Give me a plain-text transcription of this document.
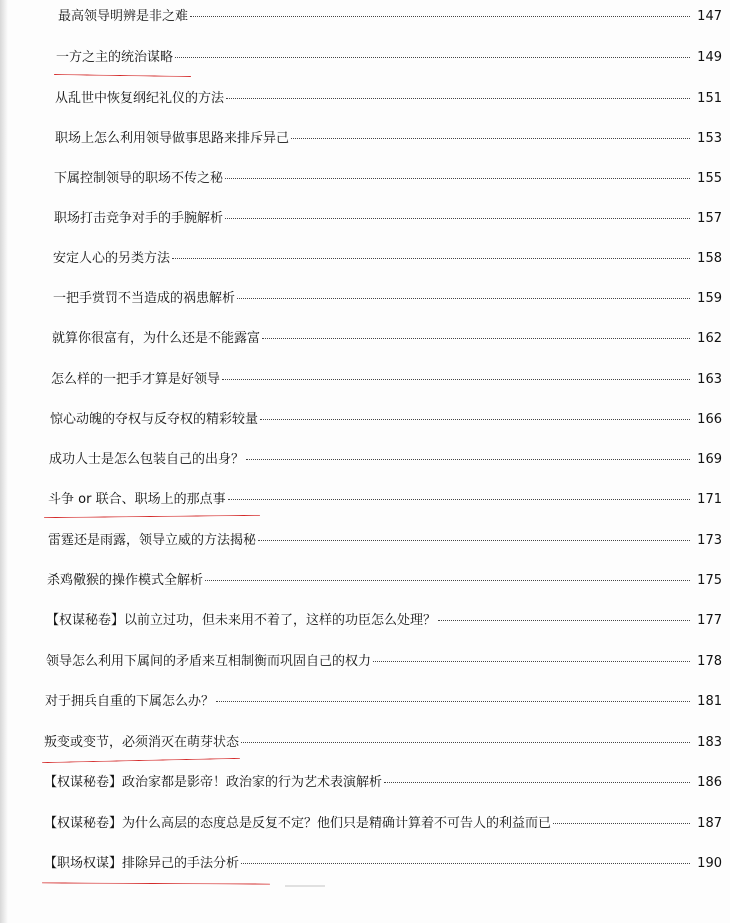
最高领导明辨是非之难	147
一方之主的统治谋略	149
从乱世中恢复纲纪礼仪的方法	151
职场上怎么利用领导做事思路来排斥异己	153
下属控制领导的职场不传之秘	155
职场打击竞争对手的手腕解析	157
安定人心的另类方法	158
一把手赏罚不当造成的祸患解析	159
就算你很富有，为什么还是不能露富	162
怎么样的一把手才算是好领导	163
惊心动魄的夺权与反夺权的精彩较量	166
成功人士是怎么包装自己的出身？	169
斗争 or 联合、职场上的那点事	171
雷霆还是雨露，领导立威的方法揭秘	173
杀鸡儆猴的操作模式全解析	175
【权谋秘卷】以前立过功，但未来用不着了，这样的功臣怎么处理？	177
领导怎么利用下属间的矛盾来互相制衡而巩固自己的权力	178
对于拥兵自重的下属怎么办？	181
叛变或变节，必须消灭在萌芽状态	183
【权谋秘卷】政治家都是影帝！政治家的行为艺术表演解析	186
【权谋秘卷】为什么高层的态度总是反复不定？他们只是精确计算着不可告人的利益而已	187
【职场权谋】排除异己的手法分析	190
